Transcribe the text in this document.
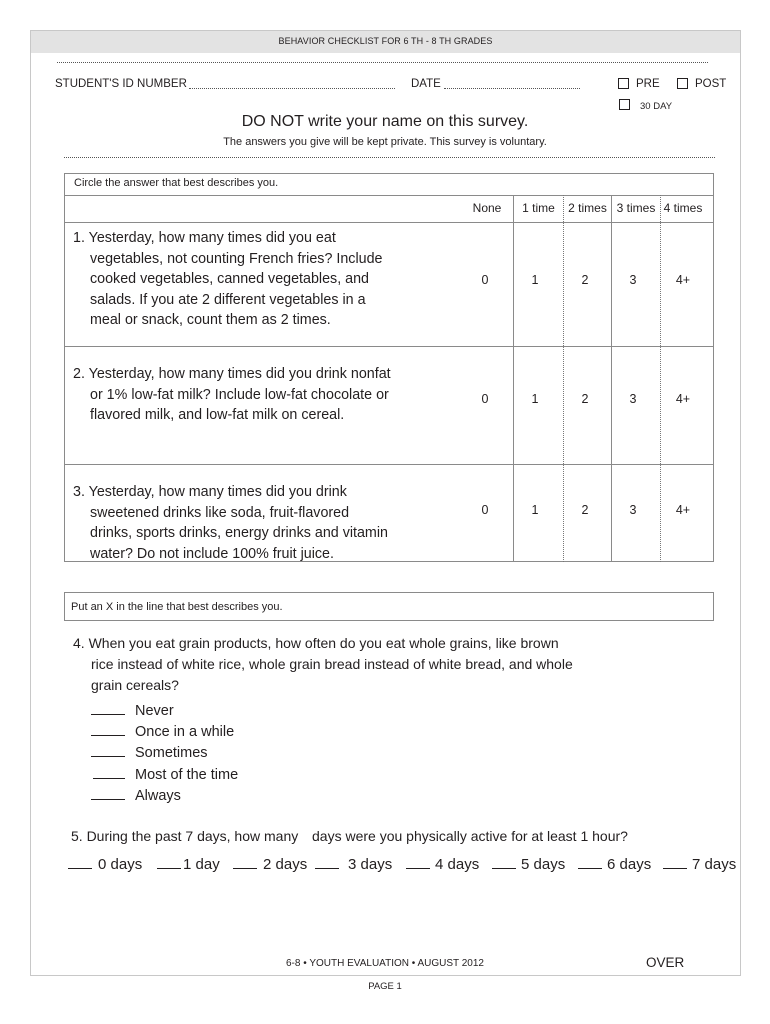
BEHAVIOR CHECKLIST FOR 6 TH - 8 TH GRADES
STUDENT'S ID NUMBER	DATE	PRE	POST
30 DAY
DO NOT write your name on this survey.
The answers you give will be kept private. This survey is voluntary.
Circle the answer that best describes you.
None	1 time	2 times 3 times 4 times
1. Yesterday, how many times did you eat
vegetables, not counting French fries? Include
cooked vegetables, canned vegetables, and
salads. If you ate 2 different vegetables in a
meal or snack, count them as 2 times.
0	1	2	3	4+
2. Yesterday, how many times did you drink nonfat
or 1% low-fat milk? Include low-fat chocolate or
flavored milk, and low-fat milk on cereal.
0	1	2	3	4+
3. Yesterday, how many times did you drink
sweetened drinks like soda, fruit-flavored
drinks, sports drinks, energy drinks and vitamin
water? Do not include 100% fruit juice.
0	1	2	3	4+
Put an X in the line that best describes you.
4. When you eat grain products, how often do you eat whole grains, like brown
rice instead of white rice, whole grain bread instead of white bread, and whole
grain cereals?
Never
Once in a while
Sometimes
Most of the time
Always
5. During the past 7 days, how many days were you physically active for at least 1 hour?
0 days	1 day	2 days	3 days	4 days	5 days	6 days	7 days
6-8 • YOUTH EVALUATION • AUGUST 2012	OVER
PAGE 1
